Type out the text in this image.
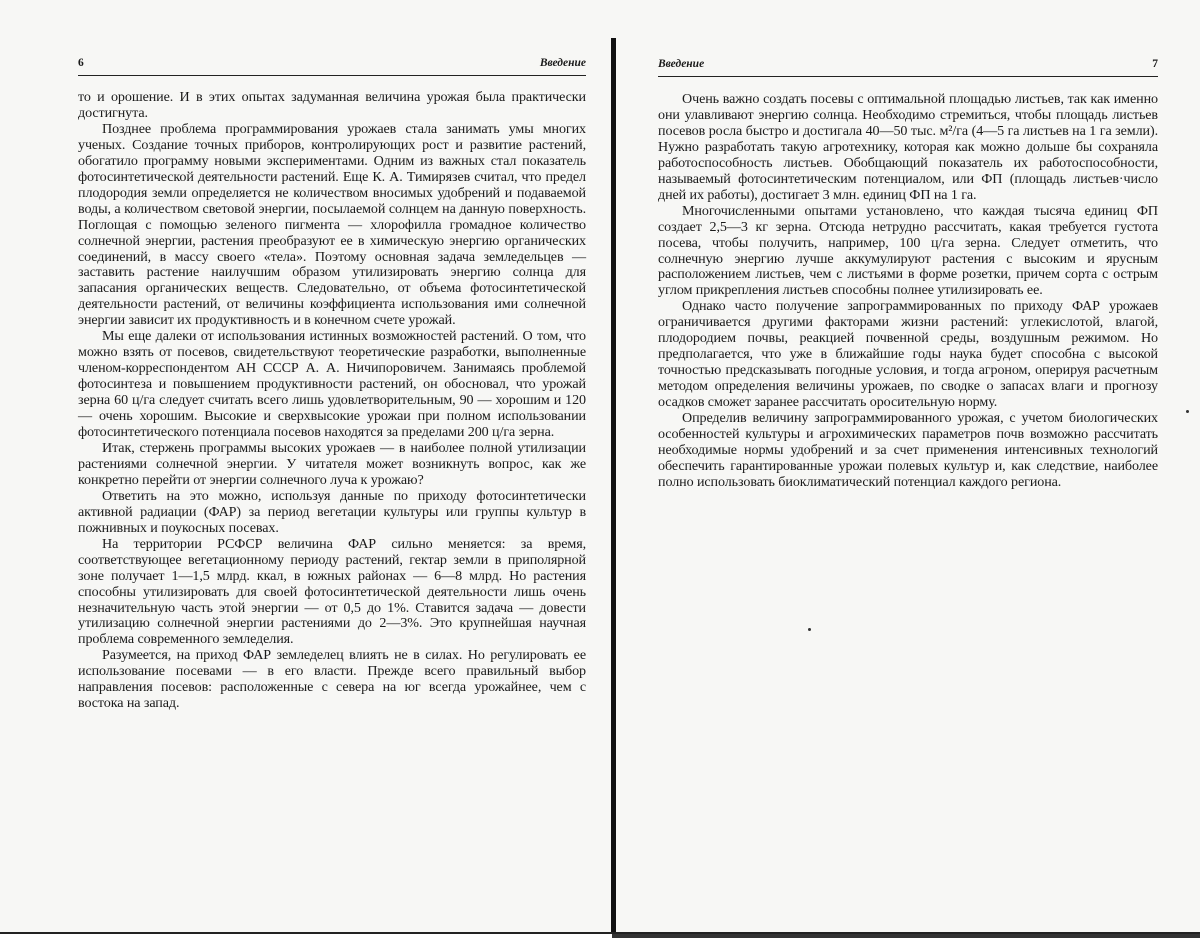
6	Введение

то и орошение. И в этих опытах задуманная величина урожая была практически достигнута.

Позднее проблема программирования урожаев стала занимать умы многих ученых. Создание точных приборов, контролирующих рост и развитие растений, обогатило программу новыми экспериментами. Одним из важных стал показатель фотосинтетической деятельности растений. Еще К. А. Тимирязев считал, что предел плодородия земли определяется не количеством вносимых удобрений и подаваемой воды, а количеством световой энергии, посылаемой солнцем на данную поверхность. Поглощая с помощью зеленого пигмента — хлорофилла громадное количество солнечной энергии, растения преобразуют ее в химическую энергию органических соединений, в массу своего «тела». Поэтому основная задача земледельцев — заставить растение наилучшим образом утилизировать энергию солнца для запасания органических веществ. Следовательно, от объема фотосинтетической деятельности растений, от величины коэффициента использования ими солнечной энергии зависит их продуктивность и в конечном счете урожай.

Мы еще далеки от использования истинных возможностей растений. О том, что можно взять от посевов, свидетельствуют теоретические разработки, выполненные членом-корреспондентом АН СССР А. А. Ничипоровичем. Занимаясь проблемой фотосинтеза и повышением продуктивности растений, он обосновал, что урожай зерна 60 ц/га следует считать всего лишь удовлетворительным, 90 — хорошим и 120 — очень хорошим. Высокие и сверхвысокие урожаи при полном использовании фотосинтетического потенциала посевов находятся за пределами 200 ц/га зерна.

Итак, стержень программы высоких урожаев — в наиболее полной утилизации растениями солнечной энергии. У читателя может возникнуть вопрос, как же конкретно перейти от энергии солнечного луча к урожаю?

Ответить на это можно, используя данные по приходу фотосинтетически активной радиации (ФАР) за период вегетации культуры или группы культур в пожнивных и поукосных посевах.

На территории РСФСР величина ФАР сильно меняется: за время, соответствующее вегетационному периоду растений, гектар земли в приполярной зоне получает 1—1,5 млрд. ккал, в южных районах — 6—8 млрд. Но растения способны утилизировать для своей фотосинтетической деятельности лишь очень незначительную часть этой энергии — от 0,5 до 1%. Ставится задача — довести утилизацию солнечной энергии растениями до 2—3%. Это крупнейшая научная проблема современного земледелия.

Разумеется, на приход ФАР земледелец влиять не в силах. Но регулировать ее использование посевами — в его власти. Прежде всего правильный выбор направления посевов: расположенные с севера на юг всегда урожайнее, чем с востока на запад.

Введение	7

Очень важно создать посевы с оптимальной площадью листьев, так как именно они улавливают энергию солнца. Необходимо стремиться, чтобы площадь листьев посевов росла быстро и достигала 40—50 тыс. м²/га (4—5 га листьев на 1 га земли). Нужно разработать такую агротехнику, которая как можно дольше бы сохраняла работоспособность листьев. Обобщающий показатель их работоспособности, называемый фотосинтетическим потенциалом, или ФП (площадь листьев·число дней их работы), достигает 3 млн. единиц ФП на 1 га.

Многочисленными опытами установлено, что каждая тысяча единиц ФП создает 2,5—3 кг зерна. Отсюда нетрудно рассчитать, какая требуется густота посева, чтобы получить, например, 100 ц/га зерна. Следует отметить, что солнечную энергию лучше аккумулируют растения с высоким и ярусным расположением листьев, чем с листьями в форме розетки, причем сорта с острым углом прикрепления листьев способны полнее утилизировать ее.

Однако часто получение запрограммированных по приходу ФАР урожаев ограничивается другими факторами жизни растений: углекислотой, влагой, плодородием почвы, реакцией почвенной среды, воздушным режимом. Но предполагается, что уже в ближайшие годы наука будет способна с высокой точностью предсказывать погодные условия, и тогда агроном, оперируя расчетным методом определения величины урожаев, по сводке о запасах влаги и прогнозу осадков сможет заранее рассчитать оросительную норму.

Определив величину запрограммированного урожая, с учетом биологических особенностей культуры и агрохимических параметров почв возможно рассчитать необходимые нормы удобрений и за счет применения интенсивных технологий обеспечить гарантированные урожаи полевых культур и, как следствие, наиболее полно использовать биоклиматический потенциал каждого региона.
